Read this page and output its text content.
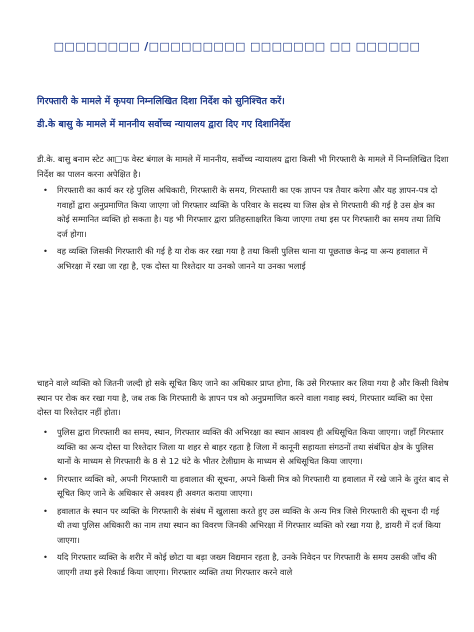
□□□□□□□□ /□□□□□□□□□ □□□□□□□ □□ □□□□□□
गिरफ्तारी के मामले में कृपया निम्नलिखित दिशा निर्देश को सुनिश्चित करें।
डी.के बासु के मामले में माननीय सर्वोच्च न्यायालय द्वारा दिए गए दिशानिर्देश
डी.के. बासु बनाम स्टेट आ□फ वेस्ट बंगाल के मामले में माननीय, सर्वोच्च न्यायालय द्वारा किसी भी गिरफ्तारी के मामले में निम्नलिखित दिशा निर्देश का पालन करना अपेक्षित है।
• गिरफ्तारी का कार्य कर रहे पुलिस अधिकारी, गिरफ्तारी के समय, गिरफ्तारी का एक ज्ञापन पत्र तैयार करेगा और यह ज्ञापन-पत्र दो गवाहों द्वारा अनुप्रमाणित किया जाएगा जो गिरफ्तार व्यक्ति के परिवार के सदस्य या जिस क्षेत्र से गिरफ्तारी की गई है उस क्षेत्र का कोई सम्मानित व्यक्ति हो सकता है। यह भी गिरफ्तार द्वारा प्रतिहस्ताक्षरित किया जाएगा तथा इस पर गिरफ्तारी का समय तथा तिथि दर्ज होगा।
• वह व्यक्ति जिसकी गिरफ्तारी की गई है या रोक कर रखा गया है तथा किसी पुलिस थाना या पूछताछ केन्द्र या अन्य हवालात में अभिरक्षा में रखा जा रहा है, एक दोस्त या रिश्तेदार या उनको जानने या उनका भलाई
चाहने वाले व्यक्ति को जितनी जल्दी हो सके सूचित किए जाने का अधिकार प्राप्त होगा, कि उसे गिरफ्तार कर लिया गया है और किसी विशेष स्थान पर रोक कर रखा गया है, जब तक कि गिरफ्तारी के ज्ञापन पत्र को अनुप्रमाणित करने वाला गवाह स्वयं, गिरफ्तार व्यक्ति का ऐसा दोस्त या रिश्तेदार नहीं होता।
• पुलिस द्वारा गिरफ्तारी का समय, स्थान, गिरफ्तार व्यक्ति की अभिरक्षा का स्थान आवश्य ही अधिसूचित किया जाएगा। जहाँ गिरफ्तार व्यक्ति का अन्य दोस्त या रिश्तेदार जिला या शहर से बाहर रहता है जिला में कानूनी सहायता संगठनों तथा संबंधित क्षेत्र के पुलिस थानों के माध्यम से गिरफ्तारी के 8 से 12 घंटे के भीतर टेलीग्राम के माध्यम से अधिसूचित किया जाएगा।
• गिरफ्तार व्यक्ति को, अपनी गिरफ्तारी या हवालात की सूचना, अपने किसी मित्र को गिरफ्तारी या हवालात में रखे जाने के तुरंत बाद से सूचित किए जाने के अधिकार से अवश्य ही अवगत कराया जाएगा।
• हवालात के स्थान पर व्यक्ति के गिरफ्तारी के संबंध में खुलासा करते हुए उस व्यक्ति के अन्य मित्र जिसे गिरफ्तारी की सूचना दी गई थी तथा पुलिस अधिकारी का नाम तथा स्थान का विवरण जिनकी अभिरक्षा में गिरफ्तार व्यक्ति को रखा गया है, डायरी में दर्ज किया जाएगा।
• यदि गिरफ्तार व्यक्ति के शरीर में कोई छोटा या बड़ा जख्म विद्यमान रहता है, उनके निवेदन पर गिरफ्तारी के समय उसकी जाँच की जाएगी तथा इसे रिकार्ड किया जाएगा। गिरफ्तार व्यक्ति तथा गिरफ्तार करने वाले
